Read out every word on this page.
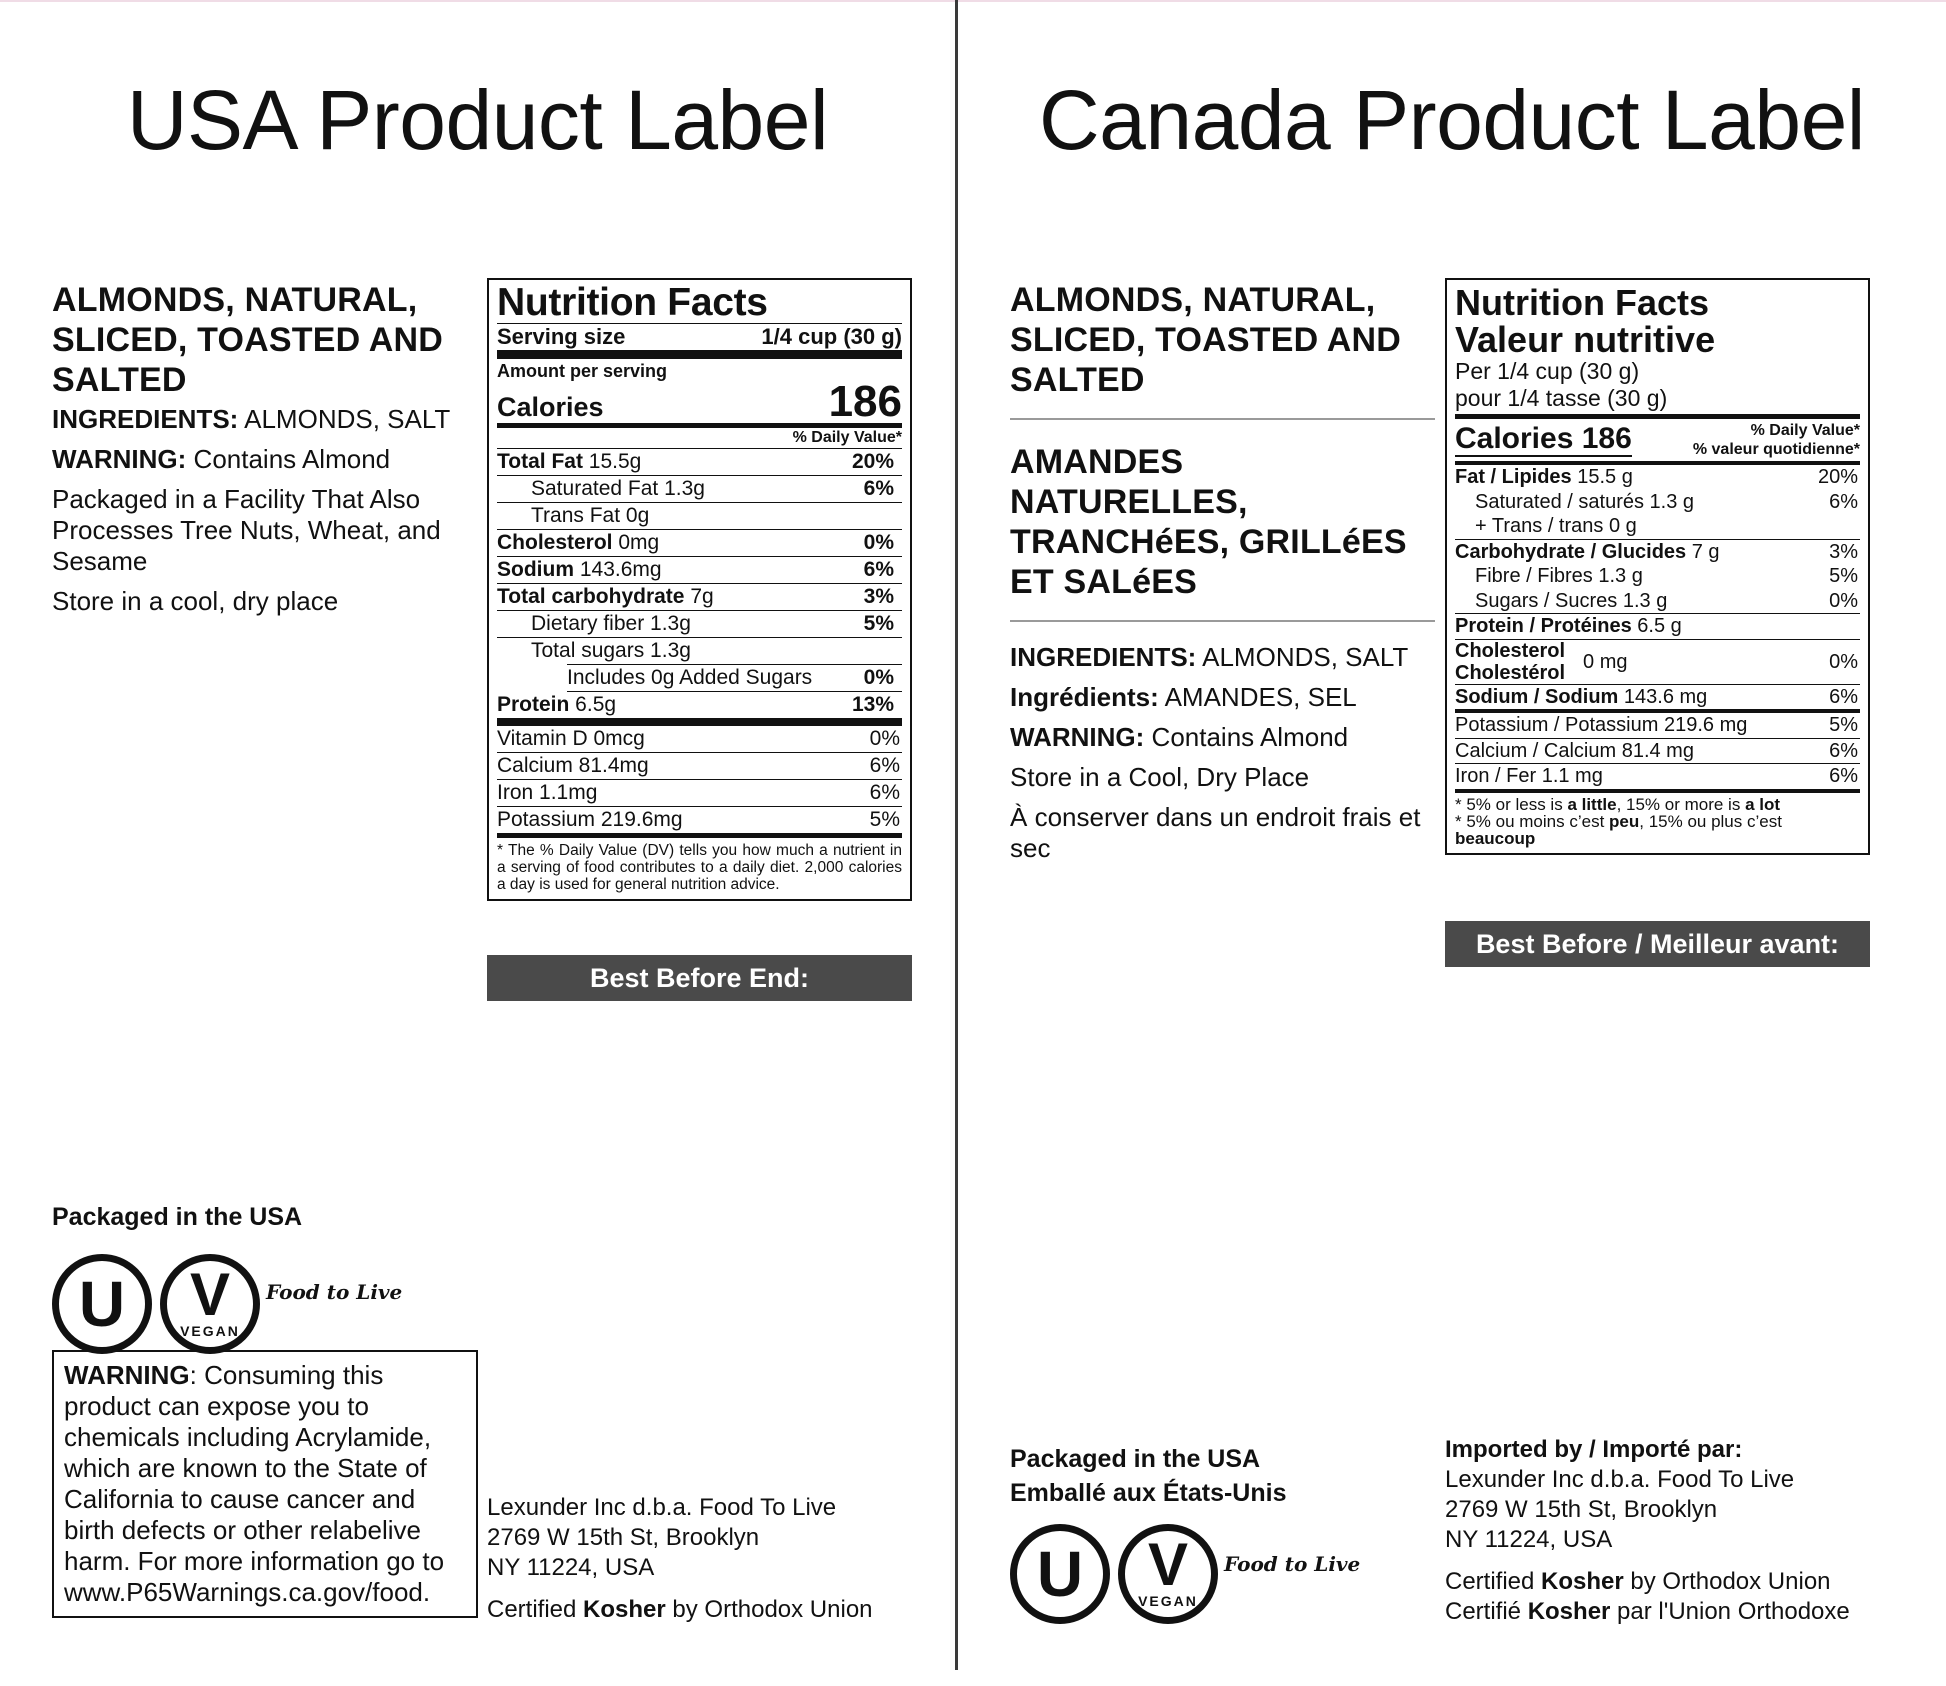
USA Product Label
ALMONDS, NATURAL,
SLICED, TOASTED AND
SALTED
INGREDIENTS: ALMONDS, SALT
WARNING: Contains Almond
Packaged in a Facility That Also Processes Tree Nuts, Wheat, and Sesame
Store in a cool, dry place
Nutrition Facts
Serving size	1/4 cup (30 g)
Amount per serving
Calories	186
% Daily Value*
Total Fat 15.5g	20%
Saturated Fat 1.3g	6%
Trans Fat 0g
Cholesterol 0mg	0%
Sodium 143.6mg	6%
Total carbohydrate 7g	3%
Dietary fiber 1.3g	5%
Total sugars 1.3g
Includes 0g Added Sugars 0%
Protein 6.5g	13%
Vitamin D 0mcg	0%
Calcium 81.4mg	6%
Iron 1.1mg	6%
Potassium 219.6mg	5%
* The % Daily Value (DV) tells you how much a nutrient in a serving of food contributes to a daily diet. 2,000 calories a day is used for general nutrition advice.
Best Before End:
Packaged in the USA
U	V
VEGAN
Food to Live
WARNING: Consuming this product can expose you to chemicals including Acrylamide, which are known to the State of California to cause cancer and birth defects or other relabelive harm. For more information go to www.P65Warnings.ca.gov/food.
Lexunder Inc d.b.a. Food To Live
2769 W 15th St, Brooklyn
NY 11224, USA
Certified Kosher by Orthodox Union
Canada Product Label
ALMONDS, NATURAL,
SLICED, TOASTED AND
SALTED
AMANDES
NATURELLES,
TRANCHéES, GRILLéES
ET SALéES
INGREDIENTS: ALMONDS, SALT
Ingrédients: AMANDES, SEL
WARNING: Contains Almond
Store in a Cool, Dry Place
À conserver dans un endroit frais et sec
Nutrition Facts
Valeur nutritive
Per 1/4 cup (30 g)
pour 1/4 tasse (30 g)
Calories 186	% Daily Value*
% valeur quotidienne*
Fat / Lipides 15.5 g	20%
Saturated / saturés 1.3 g	6%
+ Trans / trans 0 g
Carbohydrate / Glucides 7 g	3%
Fibre / Fibres 1.3 g	5%
Sugars / Sucres 1.3 g	0%
Protein / Protéines 6.5 g
Cholesterol
Cholestérol 0 mg	0%
Sodium / Sodium 143.6 mg	6%
Potassium / Potassium 219.6 mg	5%
Calcium / Calcium 81.4 mg	6%
Iron / Fer 1.1 mg	6%
* 5% or less is a little, 15% or more is a lot
* 5% ou moins c’est peu, 15% ou plus c’est beaucoup
Best Before / Meilleur avant:
Packaged in the USA
Emballé aux États-Unis
U	V
VEGAN
Food to Live
Imported by / Importé par:
Lexunder Inc d.b.a. Food To Live
2769 W 15th St, Brooklyn
NY 11224, USA
Certified Kosher by Orthodox Union
Certifié Kosher par l'Union Orthodoxe
